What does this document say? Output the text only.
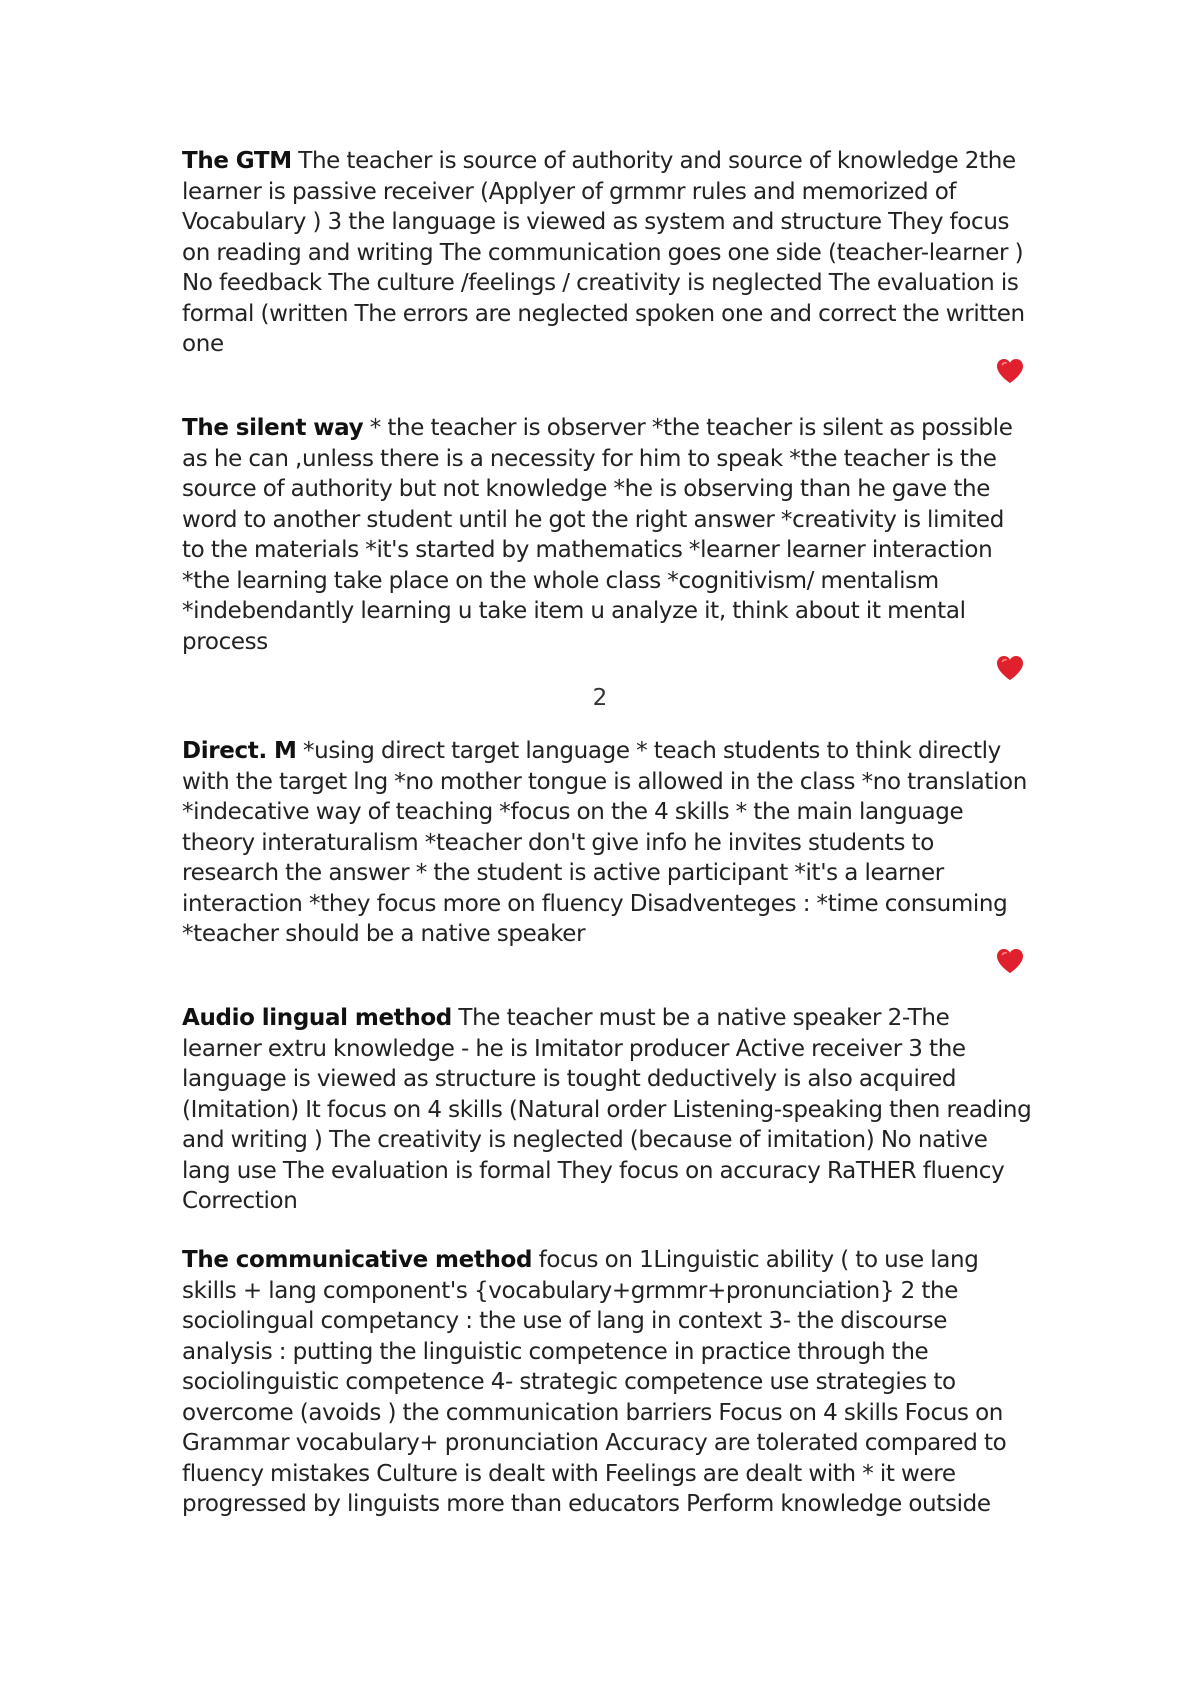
The GTM The teacher is source of authority and source of knowledge 2the learner is passive receiver (Applyer of grmmr rules and memorized of Vocabulary ) 3 the language is viewed as system and structure They focus on reading and writing The communication goes one side (teacher-learner ) No feedback The culture /feelings / creativity is neglected The evaluation is formal (written The errors are neglected spoken one and correct the written one

The silent way * the teacher is observer *the teacher is silent as possible as he can ,unless there is a necessity for him to speak *the teacher is the source of authority but not knowledge *he is observing than he gave the word to another student until he got the right answer *creativity is limited to the materials *it's started by mathematics *learner learner interaction *the learning take place on the whole class *cognitivism/ mentalism *indebendantly learning u take item u analyze it, think about it mental process

2

Direct. M *using direct target language * teach students to think directly with the target lng *no mother tongue is allowed in the class *no translation *indecative way of teaching *focus on the 4 skills * the main language theory interaturalism *teacher don't give info he invites students to research the answer * the student is active participant *it's a learner interaction *they focus more on fluency Disadventeges : *time consuming *teacher should be a native speaker

Audio lingual method The teacher must be a native speaker 2-The learner extru knowledge - he is Imitator producer Active receiver 3 the language is viewed as structure is tought deductively is also acquired (Imitation) It focus on 4 skills (Natural order Listening-speaking then reading and writing ) The creativity is neglected (because of imitation) No native lang use The evaluation is formal They focus on accuracy RaTHER fluency Correction

The communicative method focus on 1Linguistic ability ( to use lang skills + lang component's {vocabulary+grmmr+pronunciation} 2 the sociolingual competancy : the use of lang in context 3- the discourse analysis : putting the linguistic competence in practice through the sociolinguistic competence 4- strategic competence use strategies to overcome (avoids ) the communication barriers Focus on 4 skills Focus on Grammar vocabulary+ pronunciation Accuracy are tolerated compared to fluency mistakes Culture is dealt with Feelings are dealt with * it were progressed by linguists more than educators Perform knowledge outside
